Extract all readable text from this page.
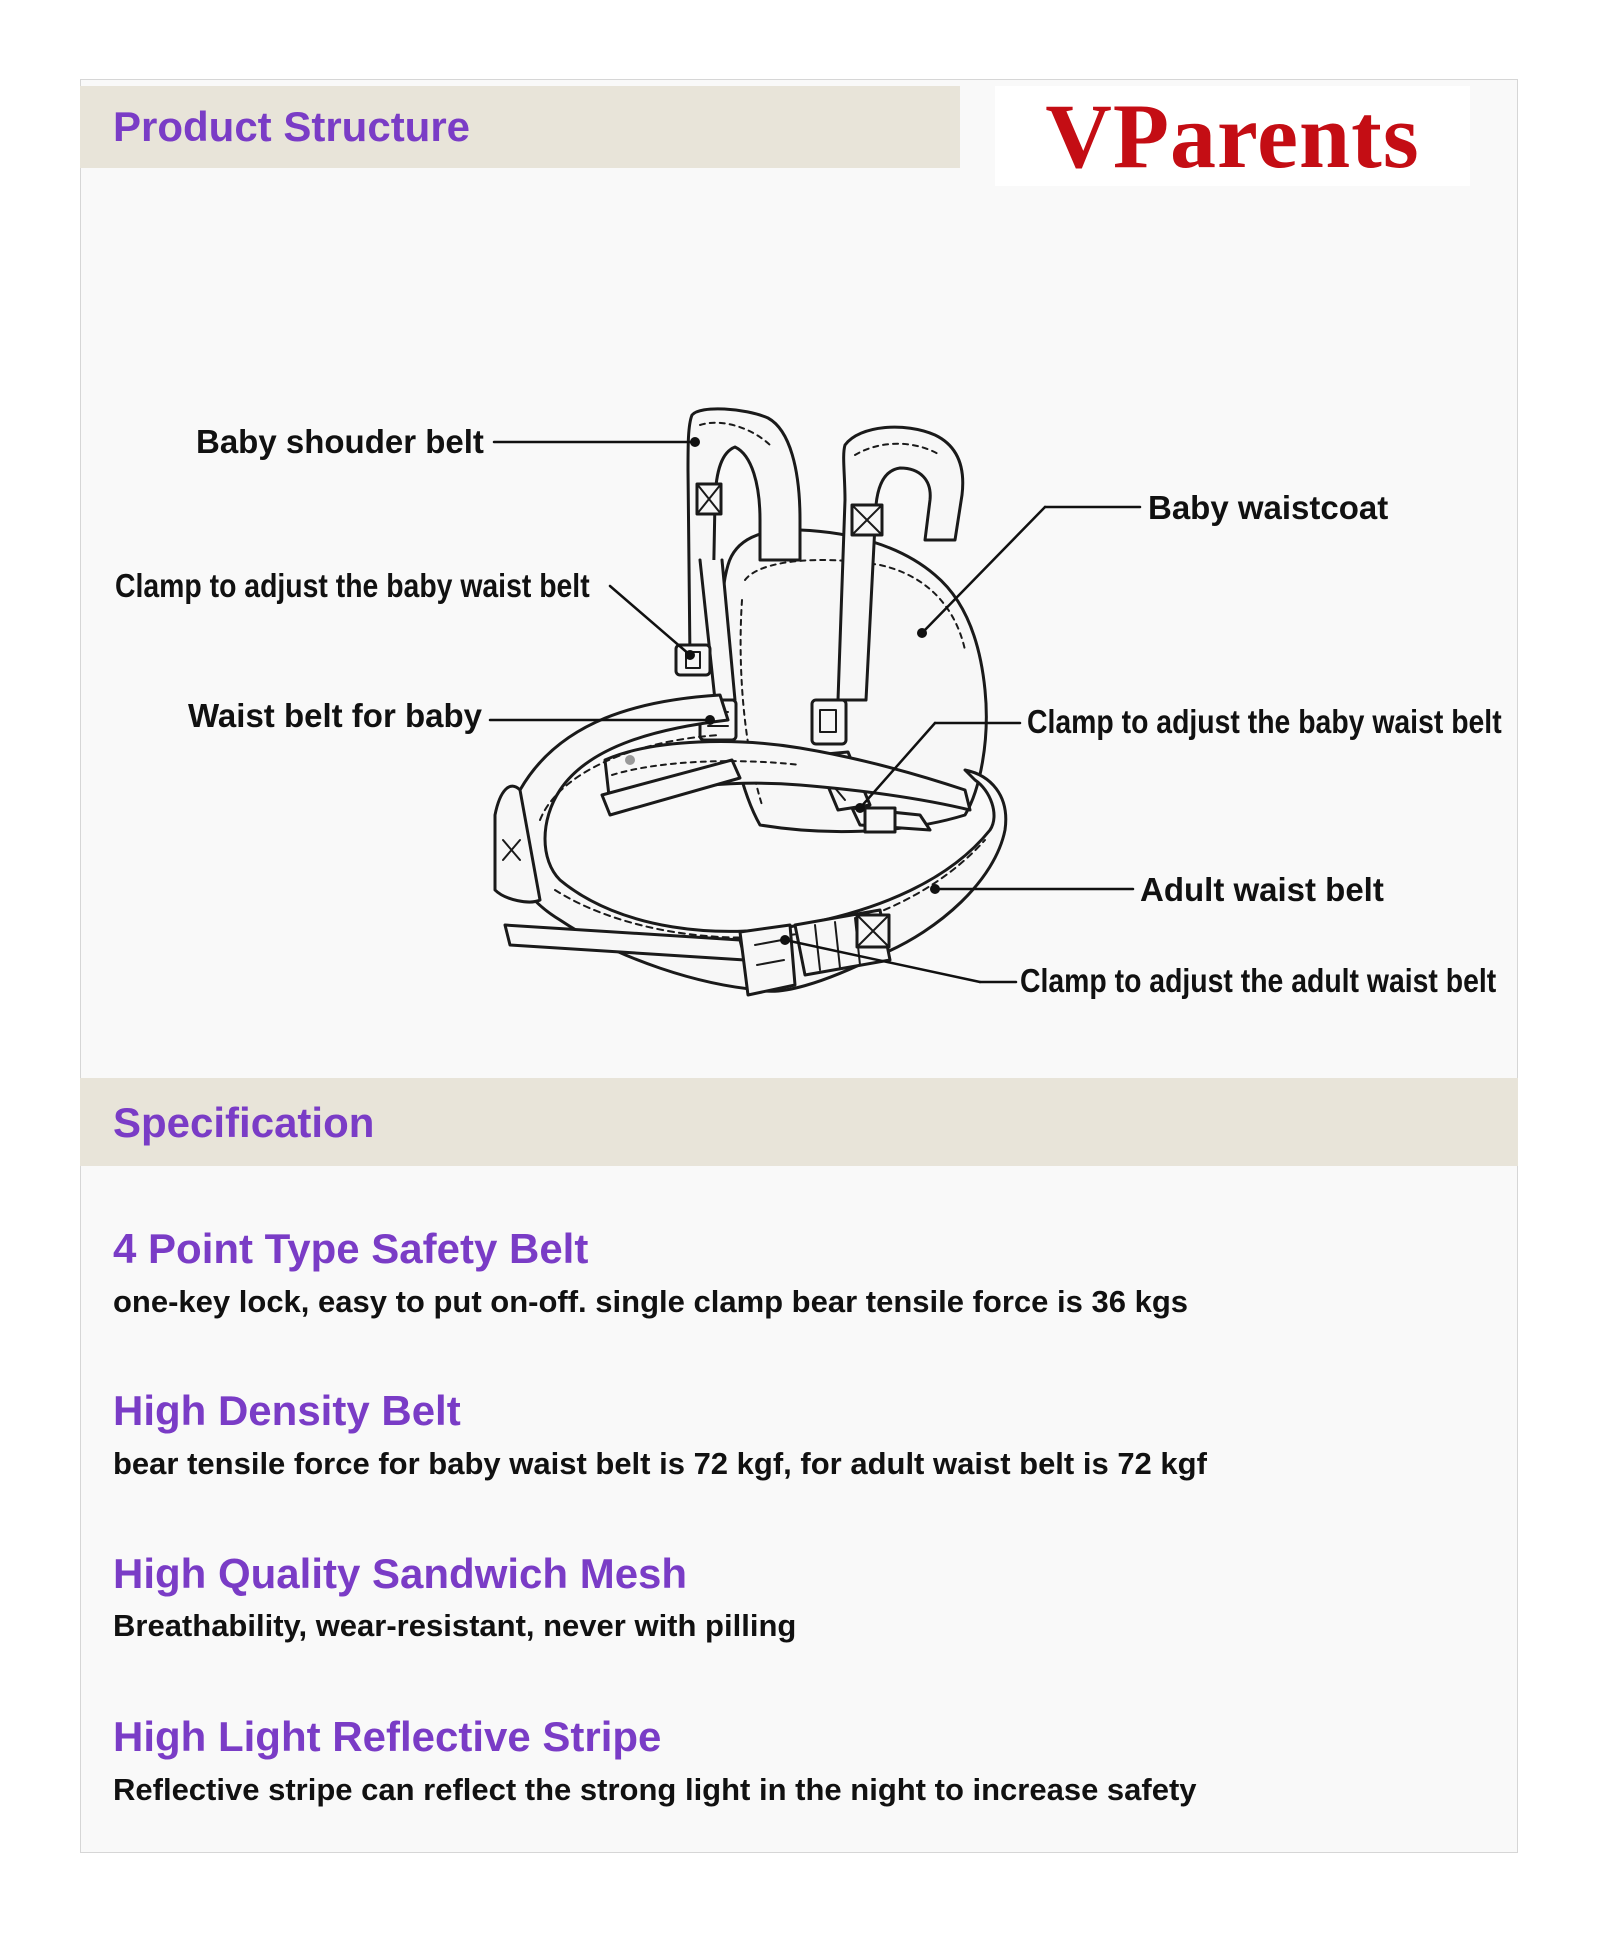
Product Structure	VParents
Baby shouder belt
Clamp to adjust the baby waist belt
Waist belt for baby
Baby waistcoat
Clamp to adjust the baby waist belt
Adult waist belt
Clamp to adjust the adult waist belt
Specification
4 Point Type Safety Belt

one-key lock, easy to put on-off. single clamp bear tensile force is 36 kgs

High Density Belt

bear tensile force for baby waist belt is 72 kgf, for adult waist belt is 72 kgf

High Quality Sandwich Mesh

Breathability, wear-resistant, never with pilling

High Light Reflective Stripe

Reflective stripe can reflect the strong light in the night to increase safety
